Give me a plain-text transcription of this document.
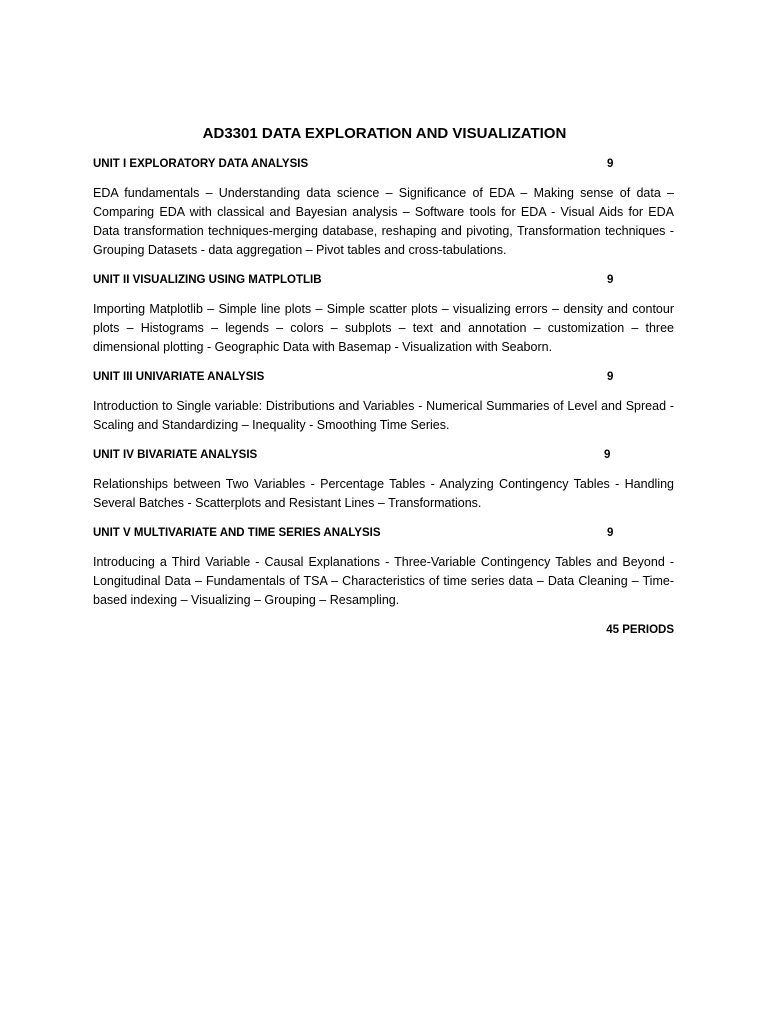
AD3301 DATA EXPLORATION AND VISUALIZATION
UNIT I EXPLORATORY DATA ANALYSIS	9
EDA fundamentals – Understanding data science – Significance of EDA – Making sense of data – Comparing EDA with classical and Bayesian analysis – Software tools for EDA - Visual Aids for EDA Data transformation techniques-merging database, reshaping and pivoting, Transformation techniques - Grouping Datasets - data aggregation – Pivot tables and cross-tabulations.
UNIT II VISUALIZING USING MATPLOTLIB	9
Importing Matplotlib – Simple line plots – Simple scatter plots – visualizing errors – density and contour plots – Histograms – legends – colors – subplots – text and annotation – customization – three dimensional plotting - Geographic Data with Basemap - Visualization with Seaborn.
UNIT III UNIVARIATE ANALYSIS	9
Introduction to Single variable: Distributions and Variables - Numerical Summaries of Level and Spread - Scaling and Standardizing – Inequality - Smoothing Time Series.
UNIT IV BIVARIATE ANALYSIS	9
Relationships between Two Variables - Percentage Tables - Analyzing Contingency Tables - Handling Several Batches - Scatterplots and Resistant Lines – Transformations.
UNIT V MULTIVARIATE AND TIME SERIES ANALYSIS	9
Introducing a Third Variable - Causal Explanations - Three-Variable Contingency Tables and Beyond - Longitudinal Data – Fundamentals of TSA – Characteristics of time series data – Data Cleaning – Time-based indexing – Visualizing – Grouping – Resampling.
45 PERIODS
